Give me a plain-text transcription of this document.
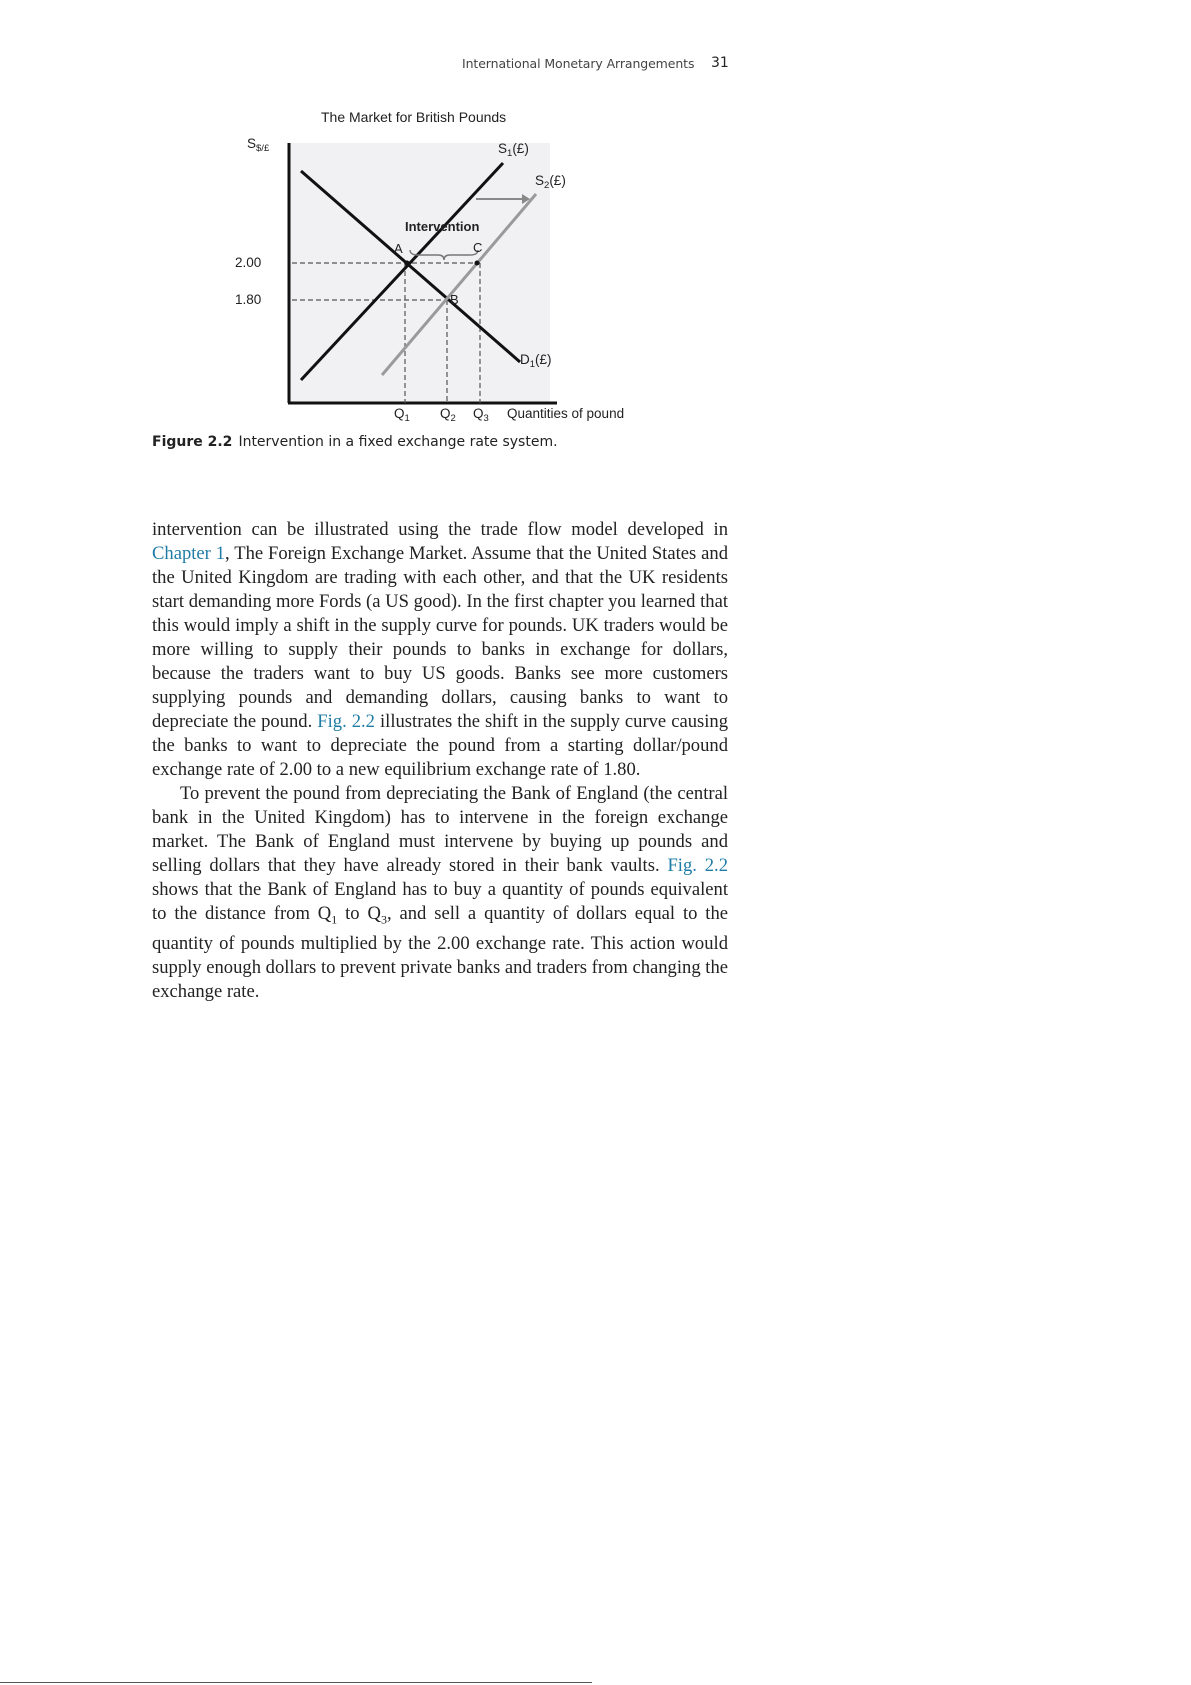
International Monetary Arrangements 31
The Market for British Pounds
$S_{\$/£}$
Intervention
A	C
B
2.00
1.80
$S_1(£)$
$S_2(£)$
$D_1(£)$
$Q_1$ $Q_2$ $Q_3$ Quantities of pound
Figure 2.2 Intervention in a fixed exchange rate system.

intervention can be illustrated using the trade flow model developed in Chapter 1, The Foreign Exchange Market. Assume that the United States and the United Kingdom are trading with each other, and that the UK residents start demanding more Fords (a US good). In the first chapter you learned that this would imply a shift in the supply curve for pounds. UK traders would be more willing to supply their pounds to banks in exchange for dollars, because the traders want to buy US goods. Banks see more customers supplying pounds and demanding dollars, causing banks to want to depreciate the pound. Fig. 2.2 illustrates the shift in the supply curve causing the banks to want to depreciate the pound from a starting dollar/pound exchange rate of 2.00 to a new equilibrium exchange rate of 1.80.

To prevent the pound from depreciating the Bank of England (the central bank in the United Kingdom) has to intervene in the foreign exchange market. The Bank of England must intervene by buying up pounds and selling dollars that they have already stored in their bank vaults. Fig. 2.2 shows that the Bank of England has to buy a quantity of pounds equivalent to the distance from $Q_1$ to $Q_3$, and sell a quantity of dollars equal to the quantity of pounds multiplied by the 2.00 exchange rate. This action would supply enough dollars to prevent private banks and traders from changing the exchange rate.
